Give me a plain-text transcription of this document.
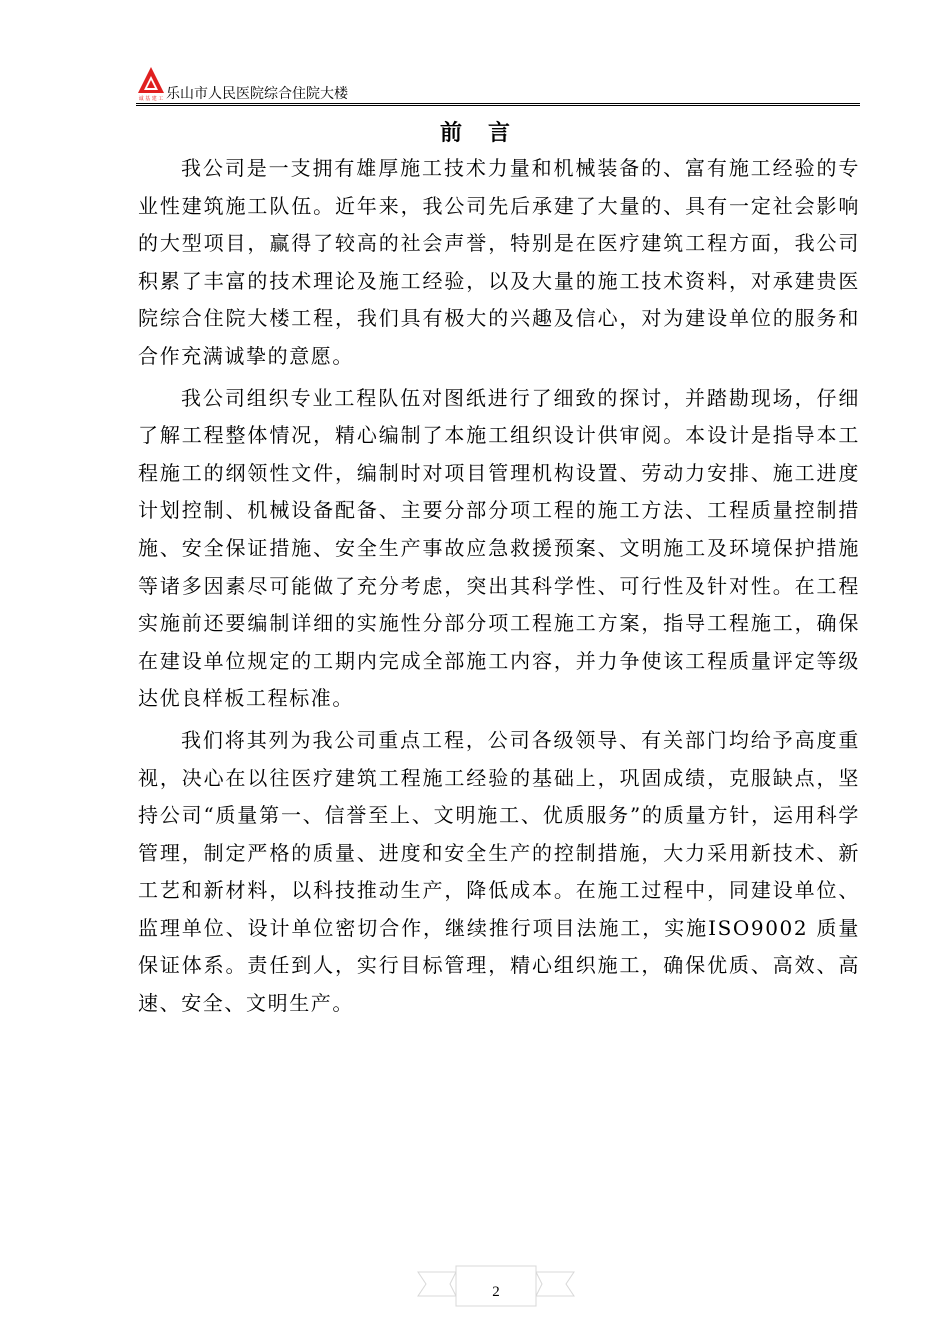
诚 基 建 工 乐山市人民医院综合住院大楼
前言

我公司是一支拥有雄厚施工技术力量和机械装备的、富有施工经验的专业性建筑施工队伍。近年来，我公司先后承建了大量的、具有一定社会影响的大型项目，赢得了较高的社会声誉，特别是在医疗建筑工程方面，我公司积累了丰富的技术理论及施工经验，以及大量的施工技术资料，对承建贵医院综合住院大楼工程，我们具有极大的兴趣及信心，对为建设单位的服务和合作充满诚挚的意愿。

我公司组织专业工程队伍对图纸进行了细致的探讨，并踏勘现场，仔细了解工程整体情况，精心编制了本施工组织设计供审阅。本设计是指导本工程施工的纲领性文件，编制时对项目管理机构设置、劳动力安排、施工进度计划控制、机械设备配备、主要分部分项工程的施工方法、工程质量控制措施、安全保证措施、安全生产事故应急救援预案、文明施工及环境保护措施等诸多因素尽可能做了充分考虑，突出其科学性、可行性及针对性。在工程实施前还要编制详细的实施性分部分项工程施工方案，指导工程施工，确保在建设单位规定的工期内完成全部施工内容，并力争使该工程质量评定等级达优良样板工程标准。

我们将其列为我公司重点工程，公司各级领导、有关部门均给予高度重视，决心在以往医疗建筑工程施工经验的基础上，巩固成绩，克服缺点，坚持公司“质量第一、信誉至上、文明施工、优质服务”的质量方针，运用科学管理，制定严格的质量、进度和安全生产的控制措施，大力采用新技术、新工艺和新材料，以科技推动生产，降低成本。在施工过程中，同建设单位、监理单位、设计单位密切合作，继续推行项目法施工，实施ISO9002 质量保证体系。责任到人，实行目标管理，精心组织施工，确保优质、高效、高速、安全、文明生产。

2
